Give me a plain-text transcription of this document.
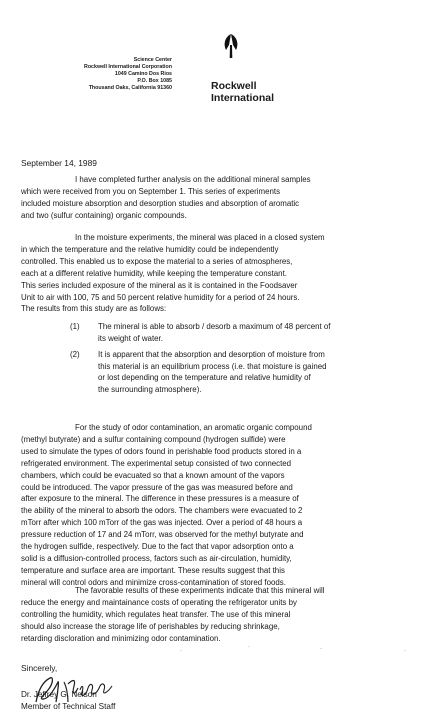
Science Center
Rockwell International Corporation
1049 Camino Dos Rios
P.O. Box 1085
Thousand Oaks, California 91360	Rockwell
International
September 14, 1989
I have completed further analysis on the additional mineral samples
which were received from you on September 1. This series of experiments
included moisture absorption and desorption studies and absorption of aromatic
and two (sulfur containing) organic compounds.
In the moisture experiments, the mineral was placed in a closed system
in which the temperature and the relative humidity could be independently
controlled. This enabled us to expose the material to a series of atmospheres,
each at a different relative humidity, while keeping the temperature constant.
This series included exposure of the mineral as it is contained in the Foodsaver
Unit to air with 100, 75 and 50 percent relative humidity for a period of 24 hours.
The results from this study are as follows:
(1) The mineral is able to absorb / desorb a maximum of 48 percent of
its weight of water.
(2) It is apparent that the absorption and desorption of moisture from
this material is an equilibrium process (i.e. that moisture is gained
or lost depending on the temperature and relative humidity of
the surrounding atmosphere).
For the study of odor contamination, an aromatic organic compound
(methyl butyrate) and a sulfur containing compound (hydrogen sulfide) were
used to simulate the types of odors found in perishable food products stored in a
refrigerated environment. The experimental setup consisted of two connected
chambers, which could be evacuated so that a known amount of the vapors
could be introduced. The vapor pressure of the gas was measured before and
after exposure to the mineral. The difference in these pressures is a measure of
the ability of the mineral to absorb the odors. The chambers were evacuated to 2
mTorr after which 100 mTorr of the gas was injected. Over a period of 48 hours a
pressure reduction of 17 and 24 mTorr, was observed for the methyl butyrate and
the hydrogen sulfide, respectively. Due to the fact that vapor adsorption onto a
solid is a diffusion-controlled process, factors such as air-circulation, humidity,
temperature and surface area are important. These results suggest that this
mineral will control odors and minimize cross-contamination of stored foods.
The favorable results of these experiments indicate that this mineral will
reduce the energy and maintainance costs of operating the refrigerator units by
controlling the humidity, which regulates heat transfer. The use of this mineral
should also increase the storage life of perishables by reducing shrinkage,
retarding discloration and minimizing odor contamination.
Sincerely,
Dr. Jeffrey G. Nelson
Member of Technical Staff
·
·	·	·
